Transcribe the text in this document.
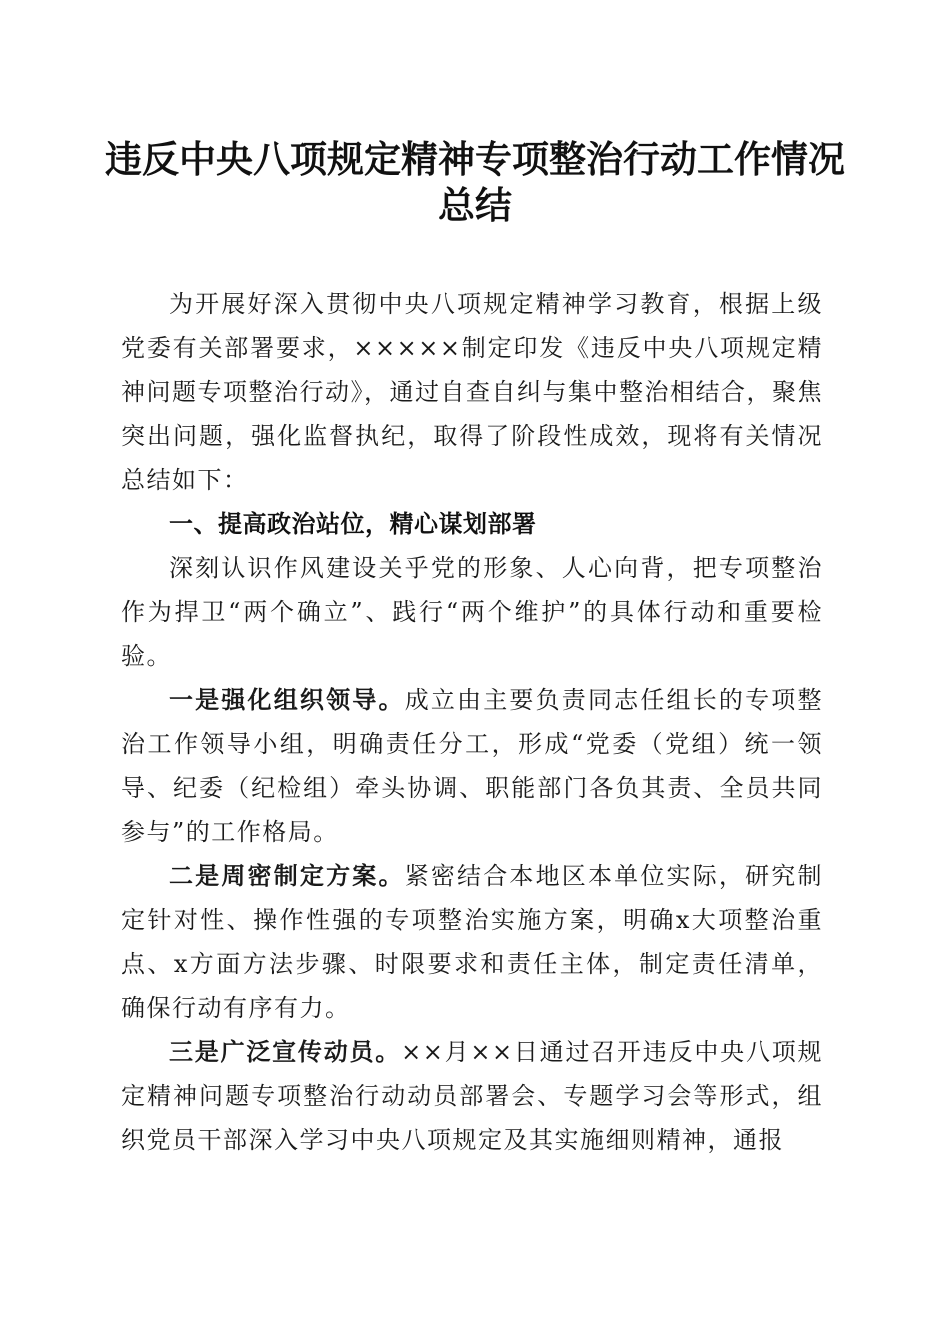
违反中央八项规定精神专项整治行动工作情况总结

为开展好深入贯彻中央八项规定精神学习教育，根据上级党委有关部署要求，×××××制定印发《违反中央八项规定精神问题专项整治行动》，通过自查自纠与集中整治相结合，聚焦突出问题，强化监督执纪，取得了阶段性成效，现将有关情况总结如下：

一、提高政治站位，精心谋划部署

深刻认识作风建设关乎党的形象、人心向背，把专项整治作为捍卫“两个确立”、践行“两个维护”的具体行动和重要检验。

一是强化组织领导。成立由主要负责同志任组长的专项整治工作领导小组，明确责任分工，形成“党委（党组）统一领导、纪委（纪检组）牵头协调、职能部门各负其责、全员共同参与”的工作格局。

二是周密制定方案。紧密结合本地区本单位实际，研究制定针对性、操作性强的专项整治实施方案，明确x大项整治重点、x方面方法步骤、时限要求和责任主体，制定责任清单，确保行动有序有力。

三是广泛宣传动员。××月××日通过召开违反中央八项规定精神问题专项整治行动动员部署会、专题学习会等形式，组织党员干部深入学习中央八项规定及其实施细则精神，通报
